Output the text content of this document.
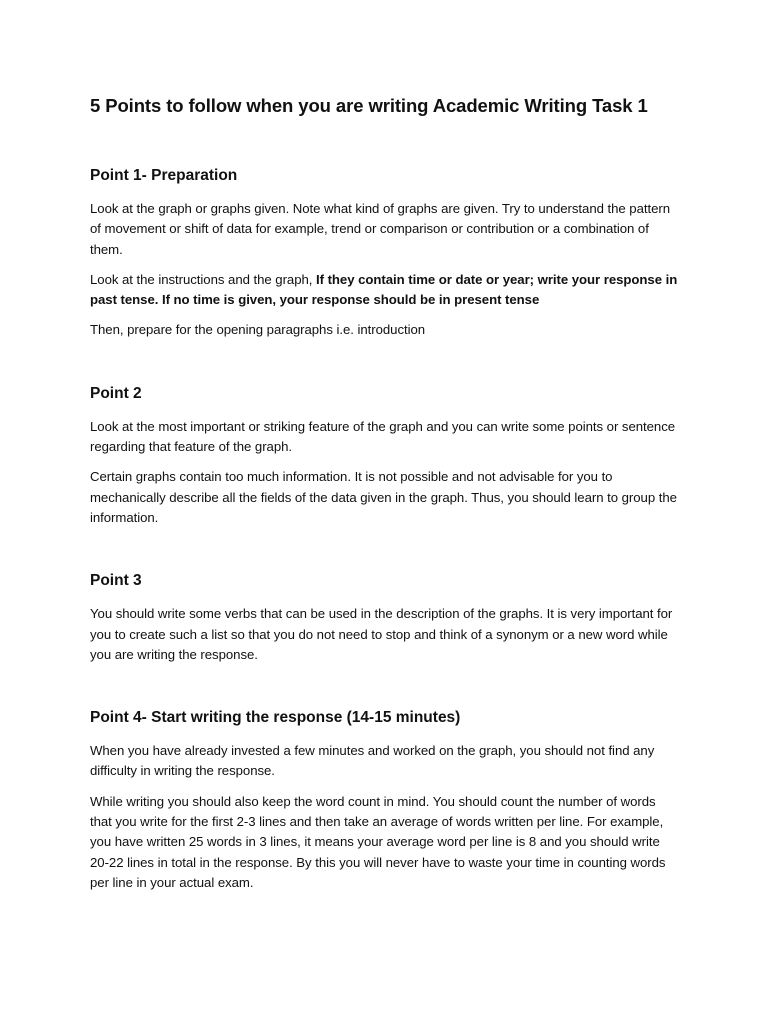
5 Points to follow when you are writing Academic Writing Task 1
Point 1- Preparation

Look at the graph or graphs given. Note what kind of graphs are given. Try to understand the pattern of movement or shift of data for example, trend or comparison or contribution or a combination of them.

Look at the instructions and the graph, If they contain time or date or year; write your response in past tense. If no time is given, your response should be in present tense

Then, prepare for the opening paragraphs i.e. introduction

Point 2

Look at the most important or striking feature of the graph and you can write some points or sentence regarding that feature of the graph.

Certain graphs contain too much information. It is not possible and not advisable for you to mechanically describe all the fields of the data given in the graph. Thus, you should learn to group the information.

Point 3

You should write some verbs that can be used in the description of the graphs. It is very important for you to create such a list so that you do not need to stop and think of a synonym or a new word while you are writing the response.

Point 4- Start writing the response (14-15 minutes)

When you have already invested a few minutes and worked on the graph, you should not find any difficulty in writing the response.

While writing you should also keep the word count in mind. You should count the number of words that you write for the first 2-3 lines and then take an average of words written per line. For example, you have written 25 words in 3 lines, it means your average word per line is 8 and you should write 20-22 lines in total in the response. By this you will never have to waste your time in counting words per line in your actual exam.
